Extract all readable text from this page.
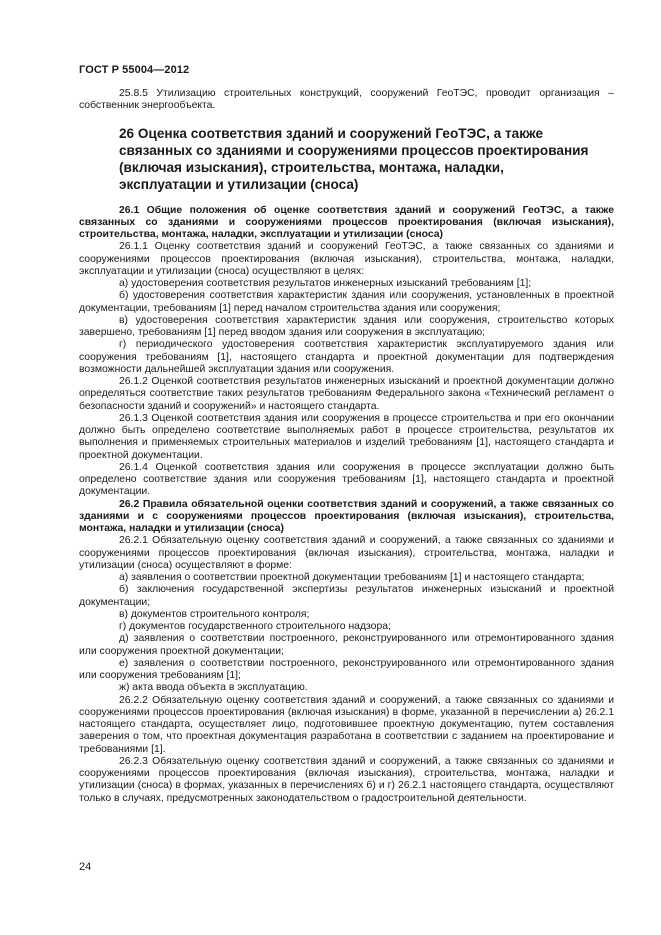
ГОСТ Р 55004—2012

25.8.5 Утилизацию строительных конструкций, сооружений ГеоТЭС, проводит организация – собственник энергообъекта.

26 Оценка соответствия зданий и сооружений ГеоТЭС, а также связанных со зданиями и сооружениями процессов проектирования (включая изыскания), строительства, монтажа, наладки, эксплуатации и утилизации (сноса)

26.1 Общие положения об оценке соответствия зданий и сооружений ГеоТЭС, а также связанных со зданиями и сооружениями процессов проектирования (включая изыскания), строительства, монтажа, наладки, эксплуатации и утилизации (сноса)

26.1.1 Оценку соответствия зданий и сооружений ГеоТЭС, а также связанных со зданиями и сооружениями процессов проектирования (включая изыскания), строительства, монтажа, наладки, эксплуатации и утилизации (сноса) осуществляют в целях:

а) удостоверения соответствия результатов инженерных изысканий требованиям [1];

б) удостоверения соответствия характеристик здания или сооружения, установленных в проектной документации, требованиям [1] перед началом строительства здания или сооружения;

в) удостоверения соответствия характеристик здания или сооружения, строительство которых завершено, требованиям [1] перед вводом здания или сооружения в эксплуатацию;

г) периодического удостоверения соответствия характеристик эксплуатируемого здания или сооружения требованиям [1], настоящего стандарта и проектной документации для подтверждения возможности дальнейшей эксплуатации здания или сооружения.

26.1.2 Оценкой соответствия результатов инженерных изысканий и проектной документации должно определяться соответствие таких результатов требованиям Федерального закона «Технический регламент о безопасности зданий и сооружений» и настоящего стандарта.

26.1.3 Оценкой соответствия здания или сооружения в процессе строительства и при его окончании должно быть определено соответствие выполняемых работ в процессе строительства, результатов их выполнения и применяемых строительных материалов и изделий требованиям [1], настоящего стандарта и проектной документации.

26.1.4 Оценкой соответствия здания или сооружения в процессе эксплуатации должно быть определено соответствие здания или сооружения требованиям [1], настоящего стандарта и проектной документации.

26.2 Правила обязательной оценки соответствия зданий и сооружений, а также связанных со зданиями и с сооружениями процессов проектирования (включая изыскания), строительства, монтажа, наладки и утилизации (сноса)

26.2.1 Обязательную оценку соответствия зданий и сооружений, а также связанных со зданиями и сооружениями процессов проектирования (включая изыскания), строительства, монтажа, наладки и утилизации (сноса) осуществляют в форме:

а) заявления о соответствии проектной документации требованиям [1] и настоящего стандарта;

б) заключения государственной экспертизы результатов инженерных изысканий и проектной документации;

в) документов строительного контроля;

г) документов государственного строительного надзора;

д) заявления о соответствии построенного, реконструированного или отремонтированного здания или сооружения проектной документации;

е) заявления о соответствии построенного, реконструированного или отремонтированного здания или сооружения требованиям [1];

ж) акта ввода объекта в эксплуатацию.

26.2.2 Обязательную оценку соответствия зданий и сооружений, а также связанных со зданиями и сооружениями процессов проектирования (включая изыскания) в форме, указанной в перечислении а) 26.2.1 настоящего стандарта, осуществляет лицо, подготовившее проектную документацию, путем составления заверения о том, что проектная документация разработана в соответствии с заданием на проектирование и требованиями [1].

26.2.3 Обязательную оценку соответствия зданий и сооружений, а также связанных со зданиями и сооружениями процессов проектирования (включая изыскания), строительства, монтажа, наладки и утилизации (сноса) в формах, указанных в перечислениях б) и г) 26.2.1 настоящего стандарта, осуществляют только в случаях, предусмотренных законодательством о градостроительной деятельности.

24
